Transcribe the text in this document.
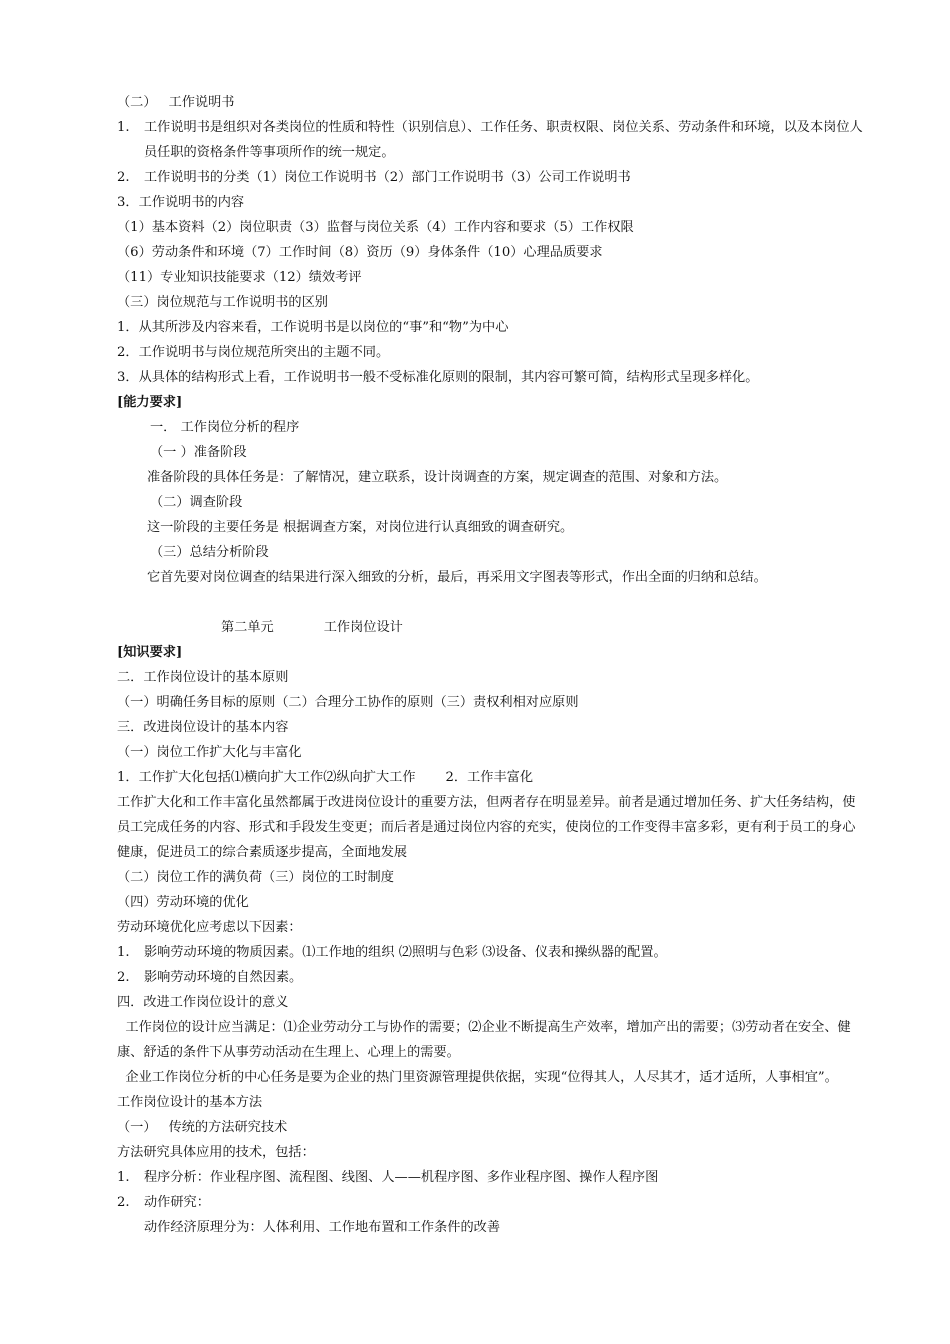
（二） 工作说明书
1.	工作说明书是组织对各类岗位的性质和特性（识别信息）、工作任务、职责权限、岗位关系、劳动条件和环境，以及本岗位人员任职的资格条件等事项所作的统一规定。
2.	工作说明书的分类（1）岗位工作说明书（2）部门工作说明书（3）公司工作说明书
3．工作说明书的内容
（1）基本资料（2）岗位职责（3）监督与岗位关系（4）工作内容和要求（5）工作权限
（6）劳动条件和环境（7）工作时间（8）资历（9）身体条件（10）心理品质要求
（11）专业知识技能要求（12）绩效考评
（三）岗位规范与工作说明书的区别
1．从其所涉及内容来看，工作说明书是以岗位的“事”和“物”为中心
2．工作说明书与岗位规范所突出的主题不同。
3．从具体的结构形式上看，工作说明书一般不受标准化原则的限制，其内容可繁可简，结构形式呈现多样化。
[能力要求]
一． 工作岗位分析的程序
（一 ）准备阶段
准备阶段的具体任务是：了解情况，建立联系，设计岗调查的方案，规定调查的范围、对象和方法。
（二）调查阶段
这一阶段的主要任务是 根据调查方案，对岗位进行认真细致的调查研究。
（三）总结分析阶段
它首先要对岗位调查的结果进行深入细致的分析，最后，再采用文字图表等形式，作出全面的归纳和总结。
第二单元	工作岗位设计
[知识要求]
二．工作岗位设计的基本原则
（一）明确任务目标的原则（二）合理分工协作的原则（三）责权利相对应原则
三．改进岗位设计的基本内容
（一）岗位工作扩大化与丰富化
1．工作扩大化包括⑴横向扩大工作⑵纵向扩大工作 2．工作丰富化
工作扩大化和工作丰富化虽然都属于改进岗位设计的重要方法，但两者存在明显差异。前者是通过增加任务、扩大任务结构，使员工完成任务的内容、形式和手段发生变更；而后者是通过岗位内容的充实，使岗位的工作变得丰富多彩，更有利于员工的身心健康，促进员工的综合素质逐步提高，全面地发展
（二）岗位工作的满负荷（三）岗位的工时制度
（四）劳动环境的优化
劳动环境优化应考虑以下因素：
1.	影响劳动环境的物质因素。⑴工作地的组织 ⑵照明与色彩 ⑶设备、仪表和操纵器的配置。
2.	影响劳动环境的自然因素。
四．改进工作岗位设计的意义
工作岗位的设计应当满足：⑴企业劳动分工与协作的需要；⑵企业不断提高生产效率，增加产出的需要；⑶劳动者在安全、健康、舒适的条件下从事劳动活动在生理上、心理上的需要。
企业工作岗位分析的中心任务是要为企业的热门里资源管理提供依据，实现“位得其人，人尽其才，适才适所，人事相宜”。
工作岗位设计的基本方法
（一） 传统的方法研究技术
方法研究具体应用的技术，包括：
1.	程序分析：作业程序图、流程图、线图、人——机程序图、多作业程序图、操作人程序图
2.	动作研究：
动作经济原理分为：人体利用、工作地布置和工作条件的改善
